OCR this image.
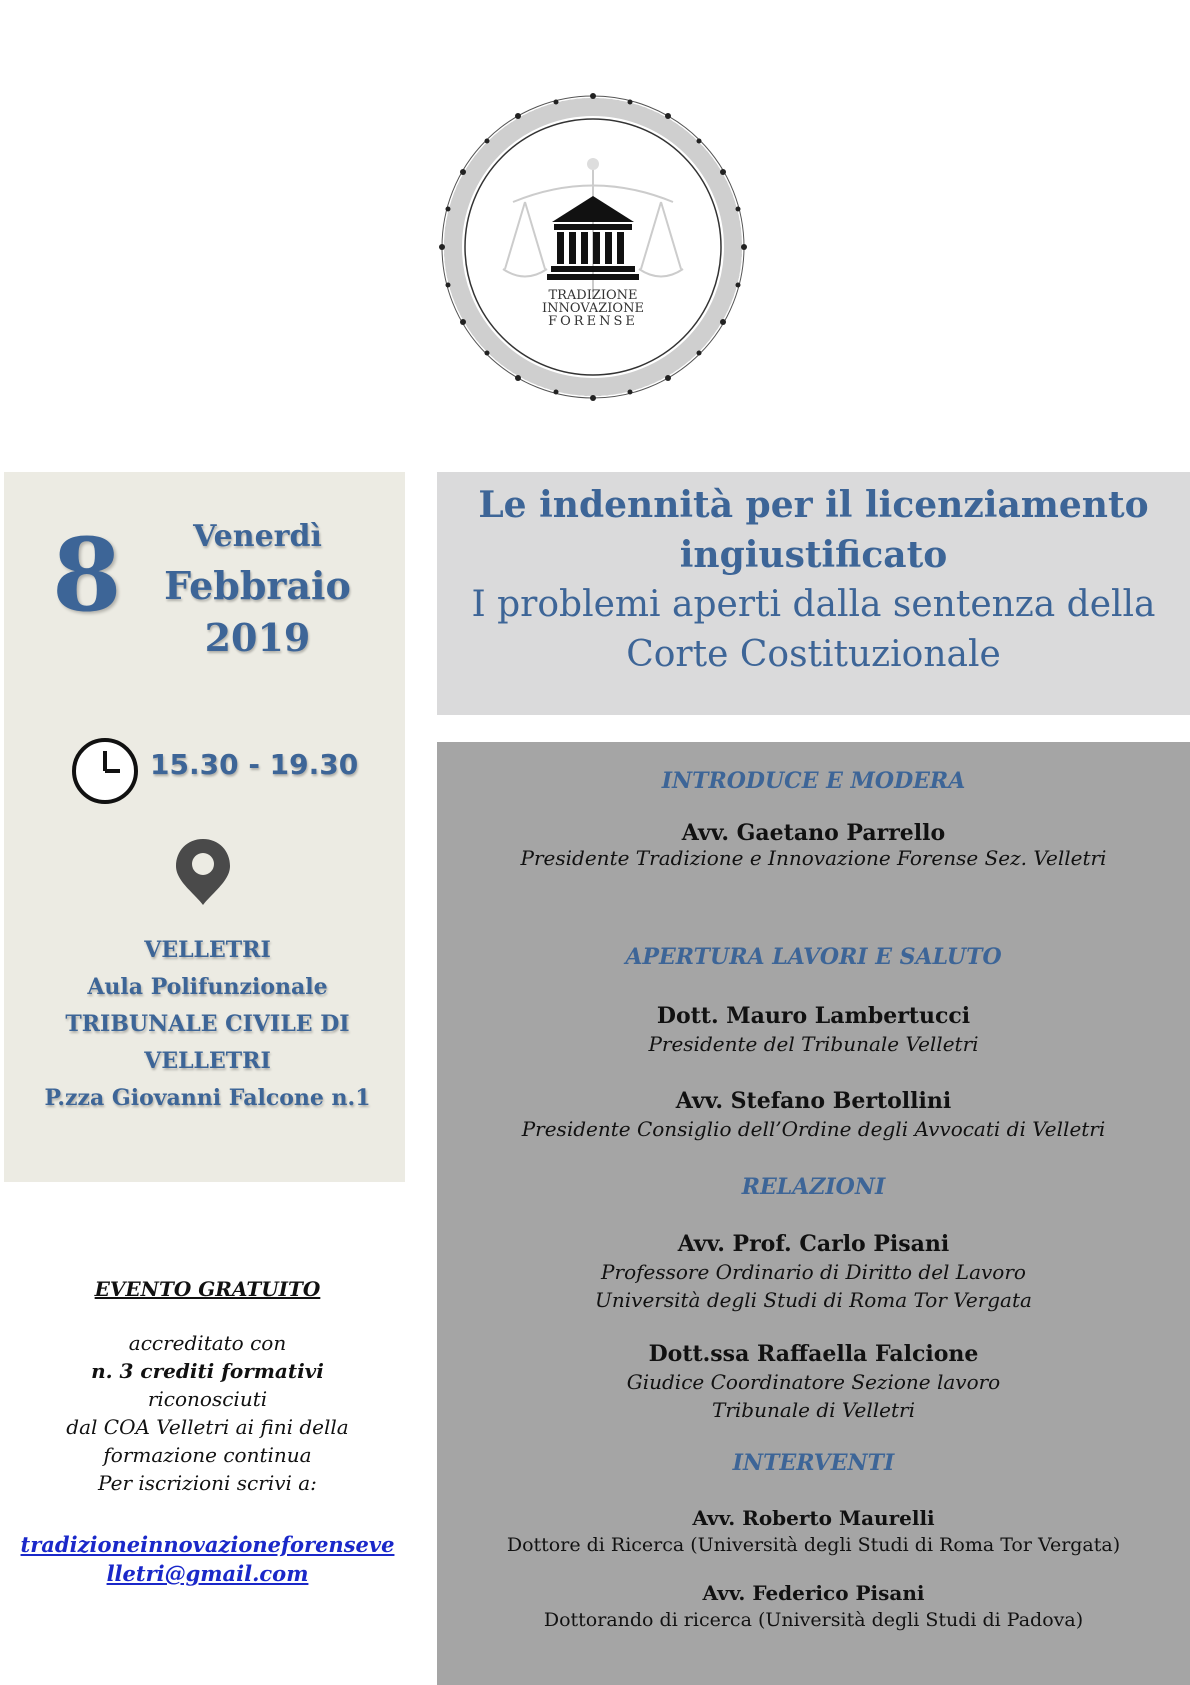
TRADIZIONE
INNOVAZIONE
FORENSE
8	Venerdì
Febbraio
2019
15.30 - 19.30
VELLETRI
Aula Polifunzionale
TRIBUNALE CIVILE DI
VELLETRI
P.zza Giovanni Falcone n.1
Le indennità per il licenziamento
ingiustificato
I problemi aperti dalla sentenza della
Corte Costituzionale
INTRODUCE E MODERA
Avv. Gaetano Parrello
Presidente Tradizione e Innovazione Forense Sez. Velletri
APERTURA LAVORI E SALUTO
Dott. Mauro Lambertucci
Presidente del Tribunale Velletri
Avv. Stefano Bertollini
Presidente Consiglio dell’Ordine degli Avvocati di Velletri
RELAZIONI
Avv. Prof. Carlo Pisani
Professore Ordinario di Diritto del Lavoro
Università degli Studi di Roma Tor Vergata
Dott.ssa Raffaella Falcione
Giudice Coordinatore Sezione lavoro
Tribunale di Velletri
INTERVENTI
Avv. Roberto Maurelli
Dottore di Ricerca (Università degli Studi di Roma Tor Vergata)
Avv. Federico Pisani
Dottorando di ricerca (Università degli Studi di Padova)
EVENTO GRATUITO
accreditato con
n. 3 crediti formativi
riconosciuti
dal COA Velletri ai fini della
formazione continua
Per iscrizioni scrivi a:
tradizioneinnovazioneforenseve
lletri@gmail.com
